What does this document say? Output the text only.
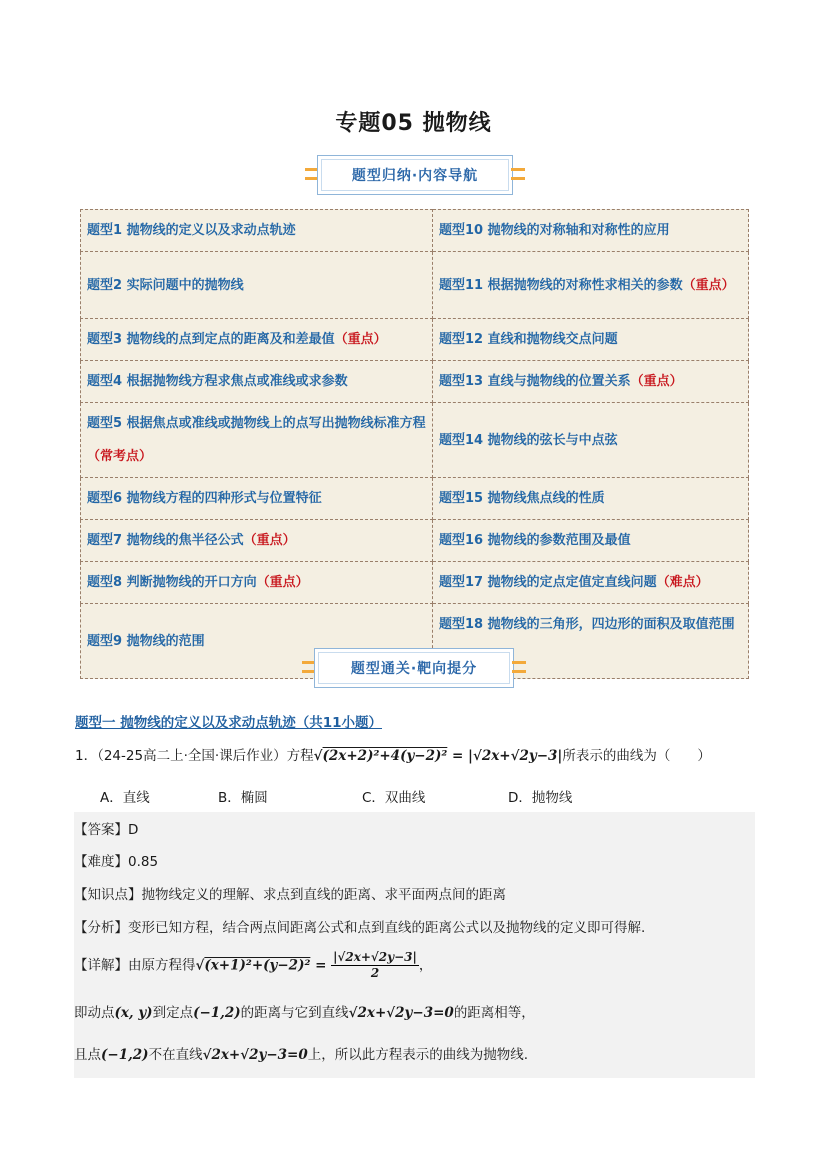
专题05 抛物线
题型归纳·内容导航
题型1 抛物线的定义以及求动点轨迹	题型10 抛物线的对称轴和对称性的应用
题型2 实际问题中的抛物线	题型11 根据抛物线的对称性求相关的参数（重点）
题型3 抛物线的点到定点的距离及和差最值（重点）	题型12 直线和抛物线交点问题
题型4 根据抛物线方程求焦点或准线或求参数	题型13 直线与抛物线的位置关系（重点）
题型5 根据焦点或准线或抛物线上的点写出抛物线标准方程（常考点）	题型14 抛物线的弦长与中点弦
题型6 抛物线方程的四种形式与位置特征	题型15 抛物线焦点线的性质
题型7 抛物线的焦半径公式（重点）	题型16 抛物线的参数范围及最值
题型8 判断抛物线的开口方向（重点）	题型17 抛物线的定点定值定直线问题（难点）
题型9 抛物线的范围	题型18 抛物线的三角形，四边形的面积及取值范围
题型通关·靶向提分
题型一 抛物线的定义以及求动点轨迹（共11小题）
1．（24-25高二上·全国·课后作业）方程√(2x+2)²+4(y−2)² = |√2x+√2y−3|所表示的曲线为（　　）
A．直线	B．椭圆	C．双曲线	D．抛物线
【答案】D
【难度】0.85
【知识点】抛物线定义的理解、求点到直线的距离、求平面两点间的距离
【分析】变形已知方程，结合两点间距离公式和点到直线的距离公式以及抛物线的定义即可得解.
【详解】由原方程得$√(x+1)^2+(y-2)^2 = \frac{|√2x+√2y-3|}{2}$ ，
即动点(x, y)到定点(−1,2)的距离与它到直线√2x+√2y−3=0的距离相等，
且点(−1,2)不在直线√2x+√2y−3=0上，所以此方程表示的曲线为抛物线.
